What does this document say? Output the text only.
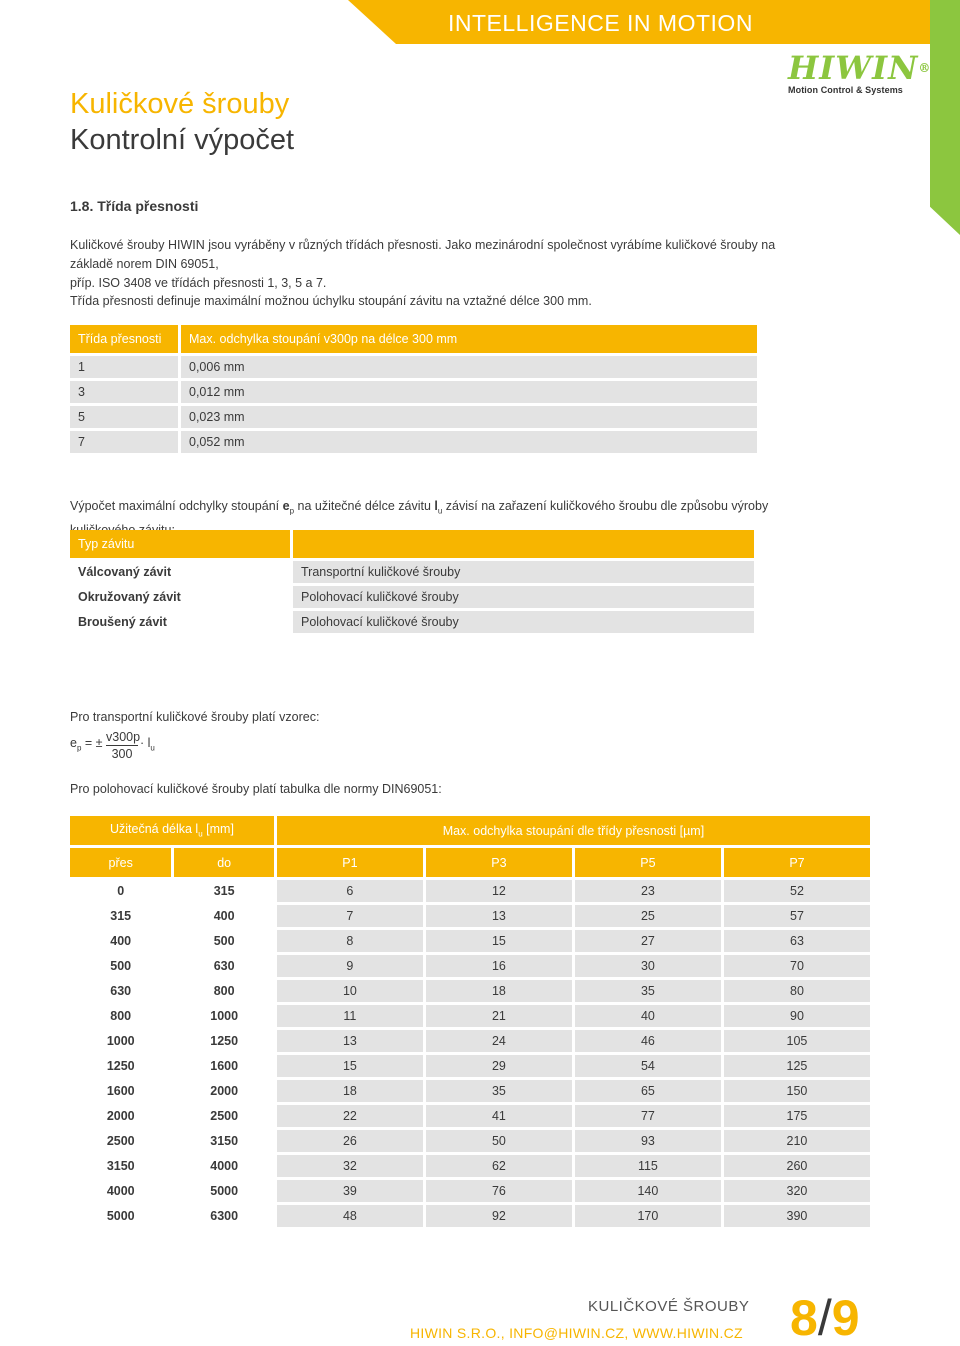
INTELLIGENCE IN MOTION
HIWIN®
Motion Control & Systems
Kuličkové šrouby
Kontrolní výpočet
1.8. Třída přesnosti
Kuličkové šrouby HIWIN jsou vyráběny v různých třídách přesnosti. Jako mezinárodní společnost vyrábíme kuličkové šrouby na základě norem DIN 69051,
příp. ISO 3408 ve třídách přesnosti 1, 3, 5 a 7.
Třída přesnosti definuje maximální možnou úchylku stoupání závitu na vztažné délce 300 mm.
Třída přesnosti	Max. odchylka stoupání v300p na délce 300 mm
1	0,006 mm
3	0,012 mm
5	0,023 mm
7	0,052 mm
Výpočet maximální odchylky stoupání $e_p$ na užitečné délce závitu $l_u$ závisí na zařazení kuličkového šroubu dle způsobu výroby
Typ závitu	
Válcovaný závit	Transportní kuličkové šrouby
Okružovaný závit	Polohovací kuličkové šrouby
Broušený závit	Polohovací kuličkové šrouby
Pro transportní kuličkové šrouby platí vzorec:
$e_p$ = ± $\frac{v300p}{300} \cdot l_u$
Pro polohovací kuličkové šrouby platí tabulka dle normy DIN69051:
Užitečná délka $l_u$ [mm]		Max. odchylka stoupání dle třídy přesnosti [µm]			
přes	do	P1	P3	P5	P7
0	315	6	12	23	52
315	400	7	13	25	57
400	500	8	15	27	63
500	630	9	16	30	70
630	800	10	18	35	80
800	1000	11	21	40	90
1000	1250	13	24	46	105
1250	1600	15	29	54	125
1600	2000	18	35	65	150
2000	2500	22	41	77	175
2500	3150	26	50	93	210
3150	4000	32	62	115	260
4000	5000	39	76	140	320
5000	6300	48	92	170	390
KULIČKOVÉ ŠROUBY
HIWIN S.R.O., INFO@HIWIN.CZ, WWW.HIWIN.CZ 8/9
